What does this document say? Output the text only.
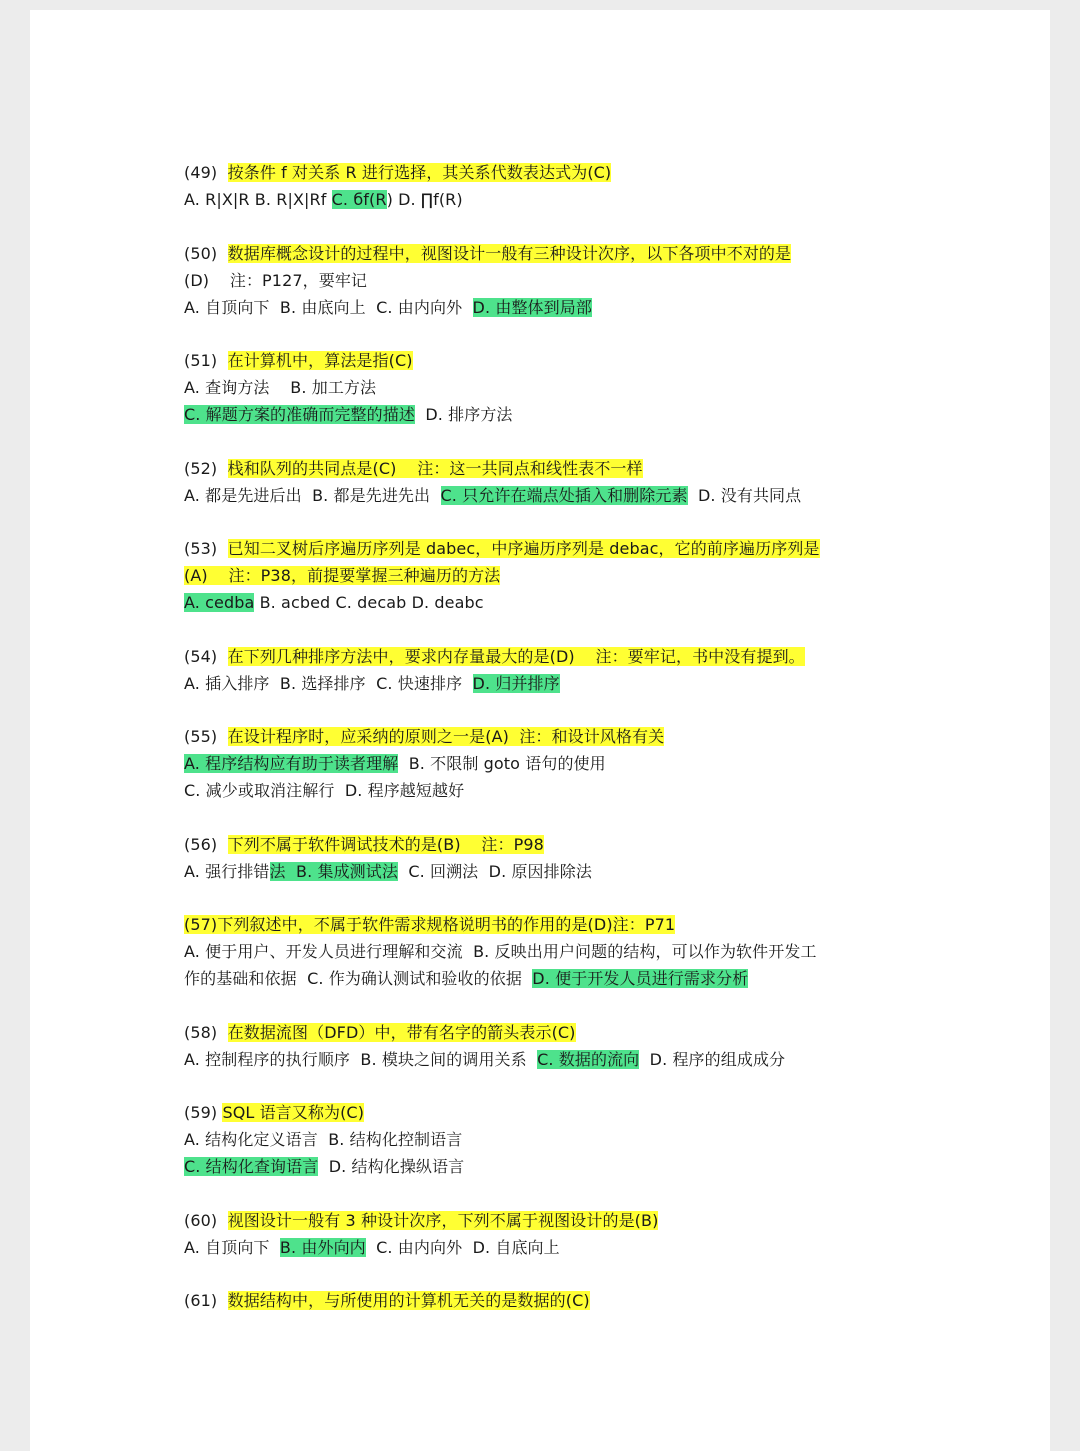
(49)  按条件 f 对关系 R 进行选择，其关系代数表达式为(C)
A. R|X|R B. R|X|Rf C. бf(R) D. ∏f(R)
(50)  数据库概念设计的过程中，视图设计一般有三种设计次序，以下各项中不对的是
(D)    注：P127，要牢记
A. 自顶向下  B. 由底向上  C. 由内向外  D. 由整体到局部
(51)  在计算机中，算法是指(C)
A. 查询方法    B. 加工方法
C. 解题方案的准确而完整的描述  D. 排序方法
(52)  栈和队列的共同点是(C)    注：这一共同点和线性表不一样
A. 都是先进后出  B. 都是先进先出  C. 只允许在端点处插入和删除元素  D. 没有共同点
(53)  已知二叉树后序遍历序列是 dabec，中序遍历序列是 debac，它的前序遍历序列是
(A)    注：P38，前提要掌握三种遍历的方法
A. cedba B. acbed C. decab D. deabc
(54)  在下列几种排序方法中，要求内存量最大的是(D)    注：要牢记，书中没有提到。
A. 插入排序  B. 选择排序  C. 快速排序  D. 归并排序
(55)  在设计程序时，应采纳的原则之一是(A)  注：和设计风格有关
A. 程序结构应有助于读者理解  B. 不限制 goto 语句的使用
C. 减少或取消注解行  D. 程序越短越好
(56)  下列不属于软件调试技术的是(B)    注：P98
A. 强行排错法  B. 集成测试法  C. 回溯法  D. 原因排除法
(57)下列叙述中，不属于软件需求规格说明书的作用的是(D)注：P71
A. 便于用户、开发人员进行理解和交流  B. 反映出用户问题的结构，可以作为软件开发工
作的基础和依据  C. 作为确认测试和验收的依据  D. 便于开发人员进行需求分析
(58)  在数据流图（DFD）中，带有名字的箭头表示(C)
A. 控制程序的执行顺序  B. 模块之间的调用关系  C. 数据的流向  D. 程序的组成成分
(59) SQL 语言又称为(C)
A. 结构化定义语言  B. 结构化控制语言
C. 结构化查询语言  D. 结构化操纵语言
(60)  视图设计一般有 3 种设计次序，下列不属于视图设计的是(B)
A. 自顶向下  B. 由外向内  C. 由内向外  D. 自底向上
(61)  数据结构中，与所使用的计算机无关的是数据的(C)
